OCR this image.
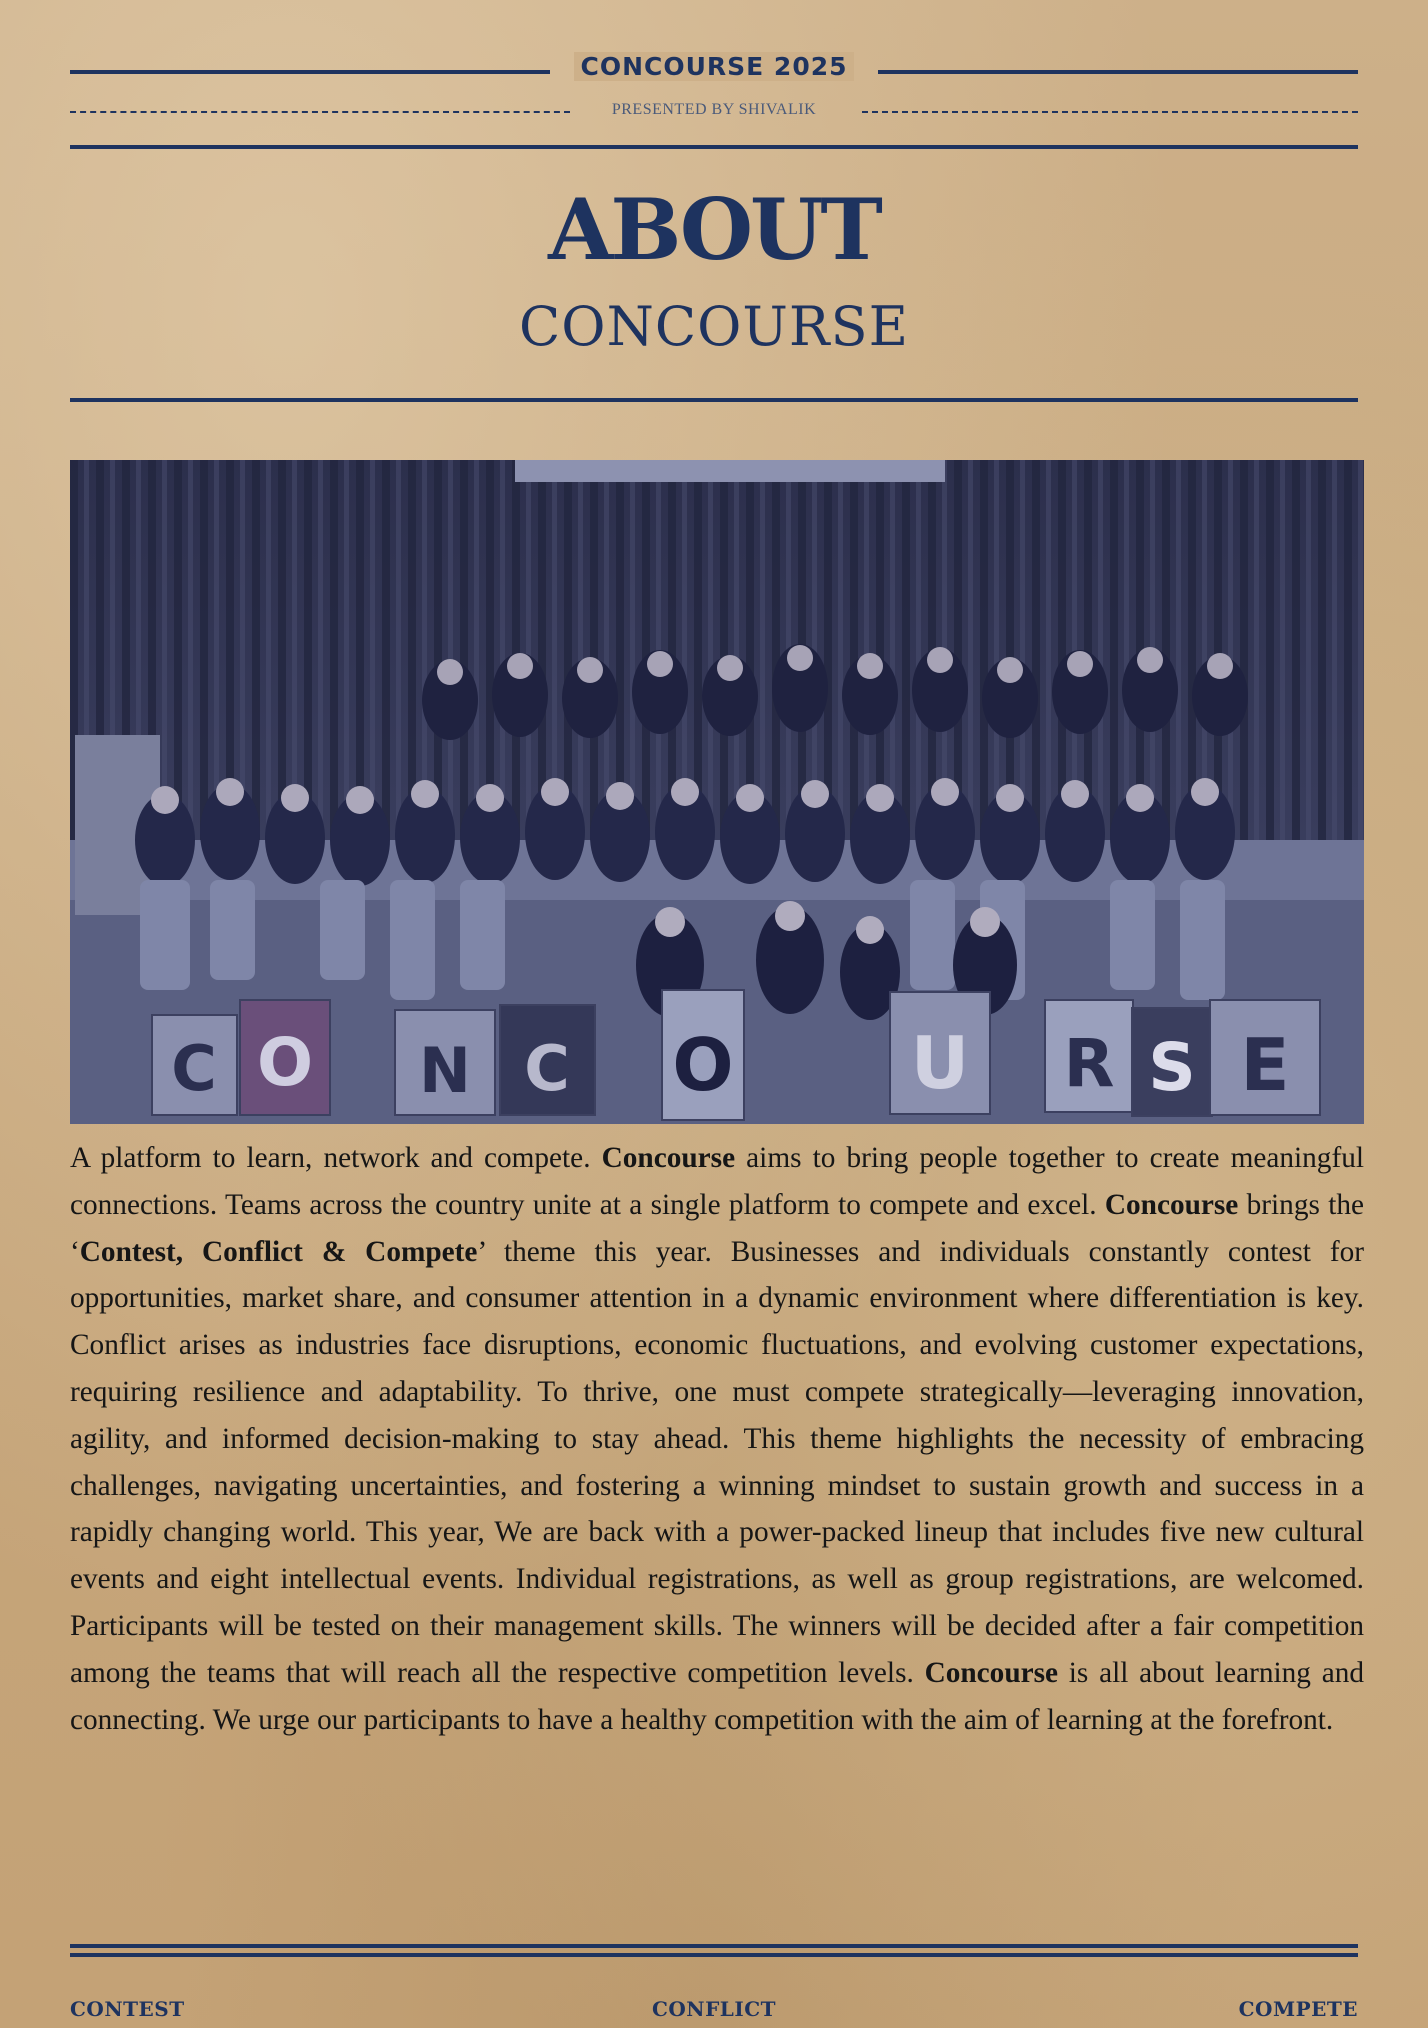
CONCOURSE 2025
PRESENTED BY SHIVALIK
ABOUT
CONCOURSE
C O N C O U R S E
A platform to learn, network and compete. Concourse aims to bring people together to create meaningful connections. Teams across the country unite at a single platform to compete and excel. Concourse brings the ‘Contest, Conflict & Compete’ theme this year. Businesses and individuals constantly contest for opportunities, market share, and consumer attention in a dynamic environment where differentiation is key. Conflict arises as industries face disruptions, economic fluctuations, and evolving customer expectations, requiring resilience and adaptability. To thrive, one must compete strategically—leveraging innovation, agility, and informed decision-making to stay ahead. This theme highlights the necessity of embracing challenges, navigating uncertainties, and fostering a winning mindset to sustain growth and success in a rapidly changing world. This year, We are back with a power-packed lineup that includes five new cultural events and eight intellectual events. Individual registrations, as well as group registrations, are welcomed. Participants will be tested on their management skills. The winners will be decided after a fair competition among the teams that will reach all the respective competition levels. Concourse is all about learning and connecting. We urge our participants to have a healthy competition with the aim of learning at the forefront.
CONTEST	CONFLICT	COMPETE
